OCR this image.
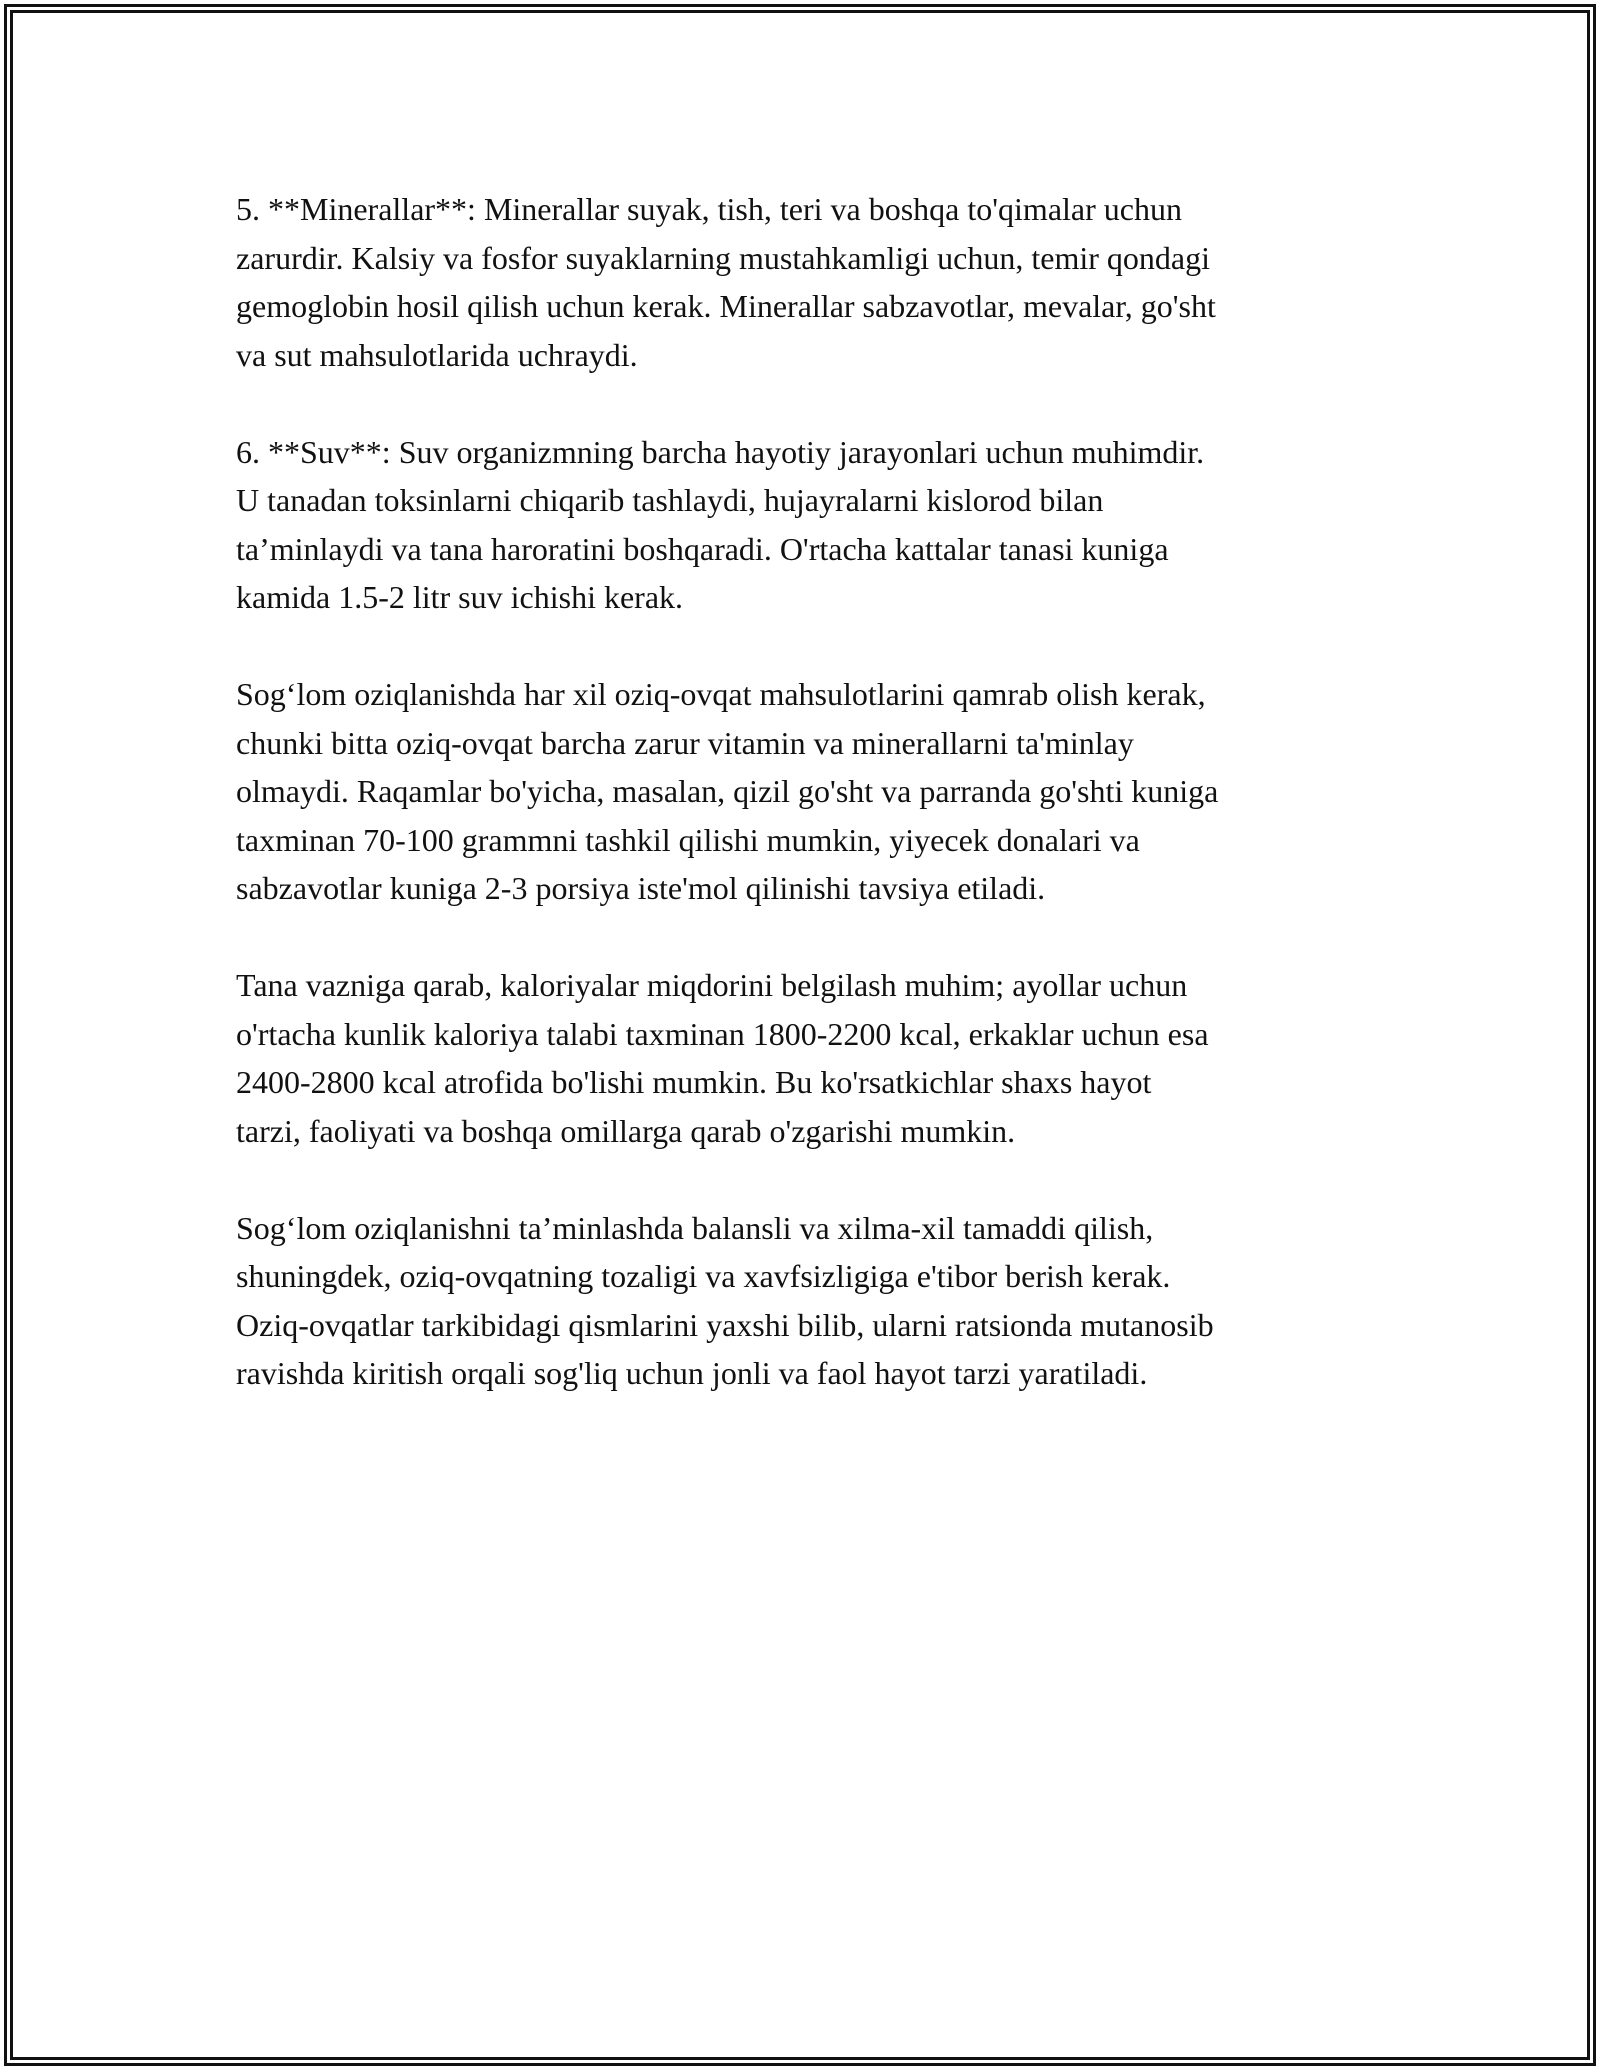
5. **Minerallar**: Minerallar suyak, tish, teri va boshqa to'qimalar uchun
zarurdir. Kalsiy va fosfor suyaklarning mustahkamligi uchun, temir qondagi
gemoglobin hosil qilish uchun kerak. Minerallar sabzavotlar, mevalar, go'sht
va sut mahsulotlarida uchraydi.

6. **Suv**: Suv organizmning barcha hayotiy jarayonlari uchun muhimdir.
U tanadan toksinlarni chiqarib tashlaydi, hujayralarni kislorod bilan
ta’minlaydi va tana haroratini boshqaradi. O'rtacha kattalar tanasi kuniga
kamida 1.5-2 litr suv ichishi kerak.

Sog‘lom oziqlanishda har xil oziq-ovqat mahsulotlarini qamrab olish kerak,
chunki bitta oziq-ovqat barcha zarur vitamin va minerallarni ta'minlay
olmaydi. Raqamlar bo'yicha, masalan, qizil go'sht va parranda go'shti kuniga
taxminan 70-100 grammni tashkil qilishi mumkin, yiyecek donalari va
sabzavotlar kuniga 2-3 porsiya iste'mol qilinishi tavsiya etiladi.

Tana vazniga qarab, kaloriyalar miqdorini belgilash muhim; ayollar uchun
o'rtacha kunlik kaloriya talabi taxminan 1800-2200 kcal, erkaklar uchun esa
2400-2800 kcal atrofida bo'lishi mumkin. Bu ko'rsatkichlar shaxs hayot
tarzi, faoliyati va boshqa omillarga qarab o'zgarishi mumkin.

Sog‘lom oziqlanishni ta’minlashda balansli va xilma-xil tamaddi qilish,
shuningdek, oziq-ovqatning tozaligi va xavfsizligiga e'tibor berish kerak.
Oziq-ovqatlar tarkibidagi qismlarini yaxshi bilib, ularni ratsionda mutanosib
ravishda kiritish orqali sog'liq uchun jonli va faol hayot tarzi yaratiladi.
